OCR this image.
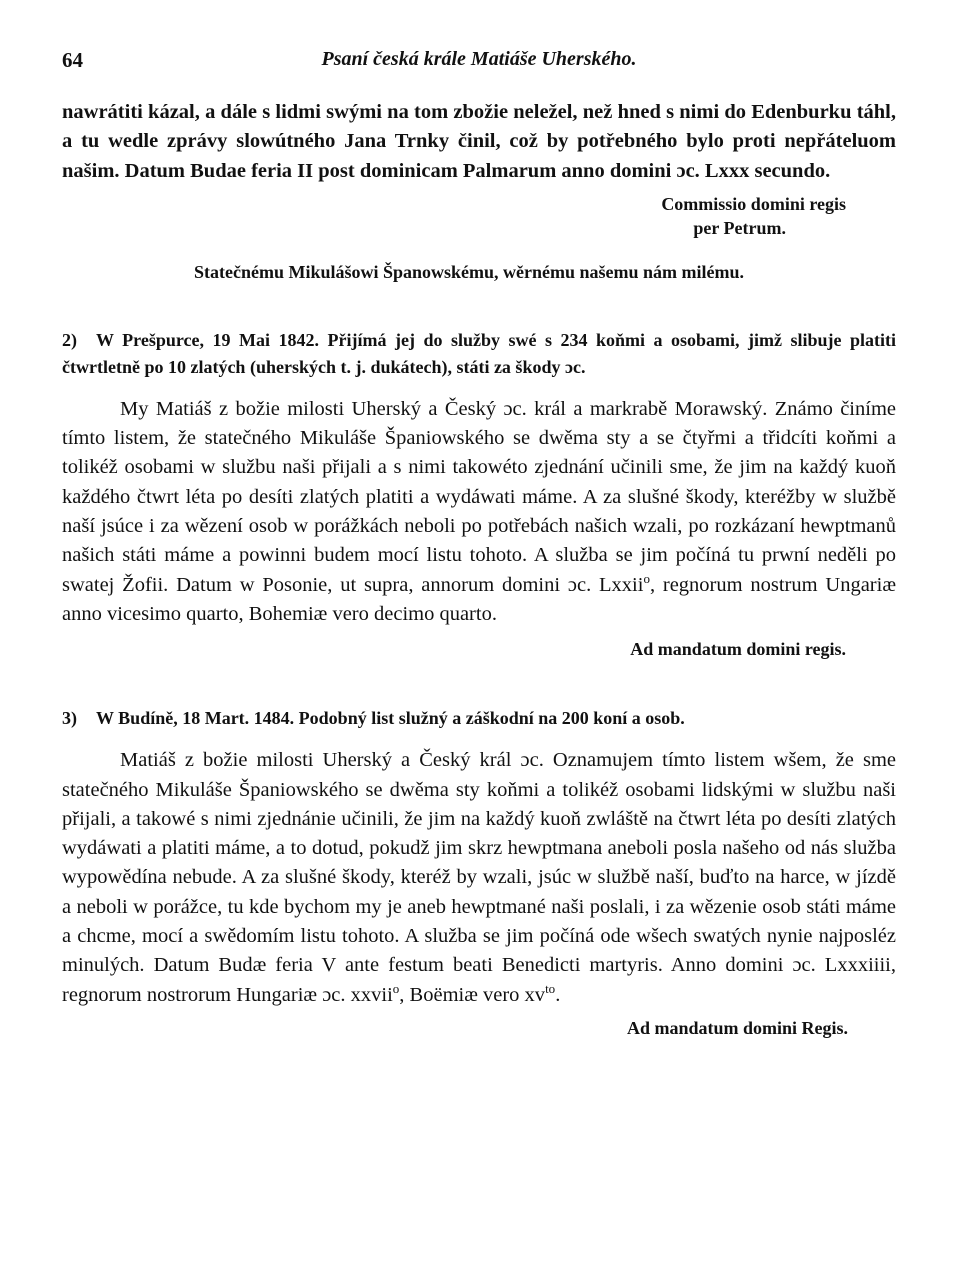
64	Psaní česká krále Matiáše Uherského.

nawrátiti kázal, a dále s lidmi swými na tom zbožie neležel, než hned s nimi do Edenburku táhl, a tu wedle zprávy slowútného Jana Trnky činil, což by potřebného bylo proti nepřáteluom našim. Datum Budae feria II post dominicam Palmarum anno domini ɔc. Lxxx secundo.

Commissio domini regis
per Petrum.
Statečnému Mikulášowi Španowskému, wěrnému našemu nám milému.

2) W Prešpurce, 19 Mai 1842. Přijímá jej do služby swé s 234 koňmi a osobami, jimž slibuje platiti čtwrtletně po 10 zlatých (uherských t. j. dukátech), státi za škody ɔc.

My Matiáš z božie milosti Uherský a Český ɔc. král a markrabě Morawský. Známo činíme tímto listem, že statečného Mikuláše Španiowského se dwěma sty a se čtyřmi a třidcíti koňmi a tolikéž osobami w službu naši přijali a s nimi takowéto zjednání učinili sme, že jim na každý kuoň každého čtwrt léta po desíti zlatých platiti a wydáwati máme. A za slušné škody, kteréžby w službě naší jsúce i za wězení osob w porážkách neboli po potřebách našich wzali, po rozkázaní hewptmanů našich státi máme a powinni budem mocí listu tohoto. A služba se jim počíná tu prwní neděli po swatej Žofii. Datum w Posonie, ut supra, annorum domini ɔc. Lxxii$^o$, regnorum nostrum Ungariæ anno vicesimo quarto, Bohemiæ vero decimo quarto.

Ad mandatum domini regis.

3) W Budíně, 18 Mart. 1484. Podobný list služný a záškodní na 200 koní a osob.

Matiáš z božie milosti Uherský a Český král ɔc. Oznamujem tímto listem wšem, že sme statečného Mikuláše Španiowského se dwěma sty koňmi a tolikéž osobami lidskými w službu naši přijali, a takowé s nimi zjednánie učinili, že jim na každý kuoň zwláště na čtwrt léta po desíti zlatých wydáwati a platiti máme, a to dotud, pokudž jim skrz hewptmana aneboli posla našeho od nás služba wypowědína nebude. A za slušné škody, kteréž by wzali, jsúc w službě naší, buďto na harce, w jízdě a neboli w porážce, tu kde bychom my je aneb hewptmané naši poslali, i za wězenie osob státi máme a chcme, mocí a swědomím listu tohoto. A služba se jim počíná ode wšech swatých nynie najposléz minulých. Datum Budæ feria V ante festum beati Benedicti martyris. Anno domini ɔc. Lxxxiiii, regnorum nostrorum Hungariæ ɔc. xxvii$^o$, Boëmiæ vero $xv^{to}$.

Ad mandatum domini Regis.
